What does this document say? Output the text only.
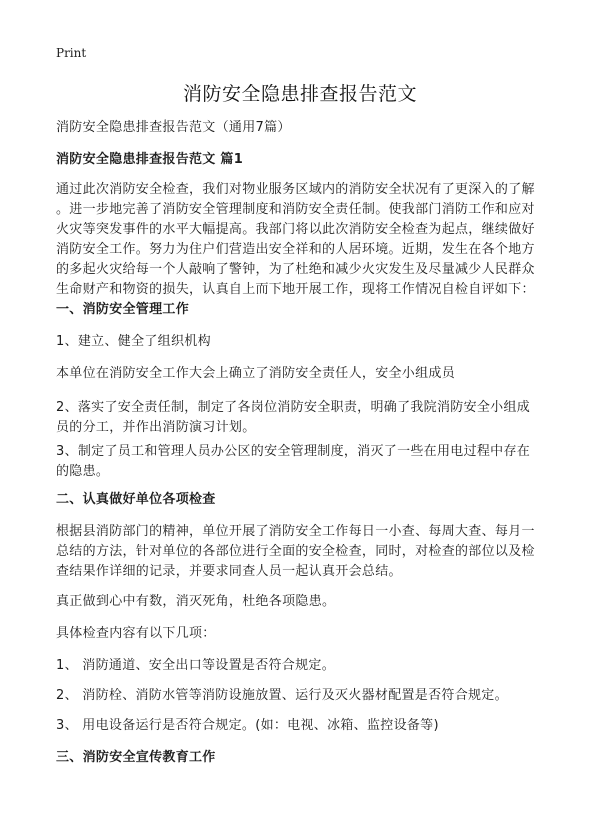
Print
消防安全隐患排查报告范文

消防安全隐患排查报告范文（通用7篇）

消防安全隐患排查报告范文 篇1

通过此次消防安全检查，我们对物业服务区域内的消防安全状况有了更深入的了解
。进一步地完善了消防安全管理制度和消防安全责任制。使我部门消防工作和应对
火灾等突发事件的水平大幅提高。我部门将以此次消防安全检查为起点，继续做好
消防安全工作。努力为住户们营造出安全祥和的人居环境。近期，发生在各个地方
的多起火灾给每一个人敲响了警钟，为了杜绝和减少火灾发生及尽量减少人民群众
生命财产和物资的损失，认真自上而下地开展工作，现将工作情况自检自评如下：

一、消防安全管理工作

1、建立、健全了组织机构

本单位在消防安全工作大会上确立了消防安全责任人，安全小组成员

2、落实了安全责任制，制定了各岗位消防安全职责，明确了我院消防安全小组成
员的分工，并作出消防演习计划。

3、制定了员工和管理人员办公区的安全管理制度，消灭了一些在用电过程中存在
的隐患。

二、认真做好单位各项检查

根据县消防部门的精神，单位开展了消防安全工作每日一小查、每周大查、每月一
总结的方法，针对单位的各部位进行全面的安全检查，同时，对检查的部位以及检
查结果作详细的记录，并要求同查人员一起认真开会总结。

真正做到心中有数，消灭死角，杜绝各项隐患。

具体检查内容有以下几项：

1、 消防通道、安全出口等设置是否符合规定。

2、 消防栓、消防水管等消防设施放置、运行及灭火器材配置是否符合规定。

3、 用电设备运行是否符合规定。(如：电视、冰箱、监控设备等)

三、消防安全宣传教育工作
